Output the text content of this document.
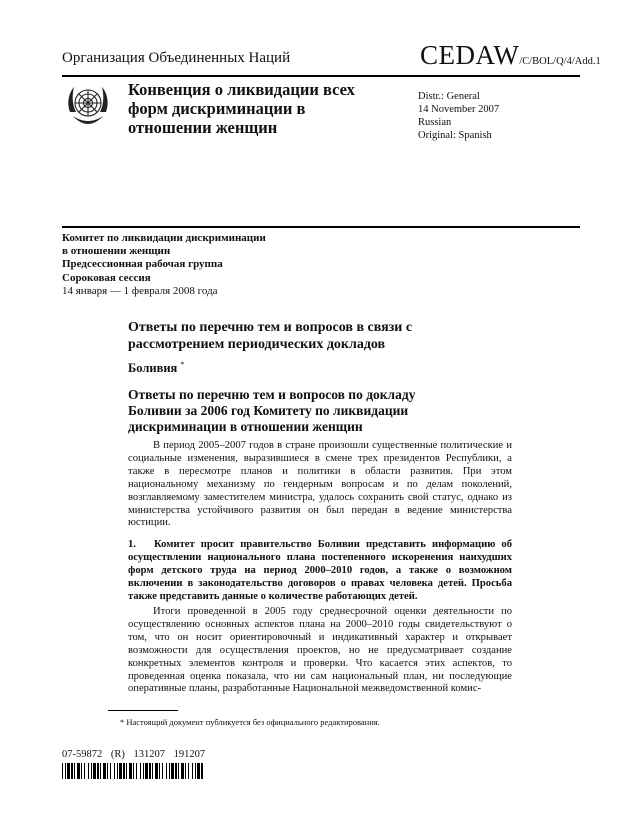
Организация Объединенных Наций	CEDAW/C/BOL/Q/4/Add.1
Конвенция о ликвидации всех форм дискриминации в отношении женщин
Distr.: General
14 November 2007
Russian
Original: Spanish
Комитет по ликвидации дискриминации
в отношении женщин
Предсессионная рабочая группа
Сороковая сессия
14 января — 1 февраля 2008 года
Ответы по перечню тем и вопросов в связи с рассмотрением периодических докладов
Боливия *
Ответы по перечню тем и вопросов по докладу Боливии за 2006 год Комитету по ликвидации дискриминации в отношении женщин
В период 2005–2007 годов в стране произошли существенные политические и социальные изменения, выразившиеся в смене трех президентов Республики, а также в пересмотре планов и политики в области развития. При этом национальному механизму по гендерным вопросам и по делам поколений, возглавляемому заместителем министра, удалось сохранить свой статус, однако из министерства устойчивого развития он был передан в ведение министерства юстиции.
1. Комитет просит правительство Боливии представить информацию об осуществлении национального плана постепенного искоренения наихудших форм детского труда на период 2000–2010 годов, а также о возможном включении в законодательство договоров о правах человека детей. Просьба также представить данные о количестве работающих детей.
Итоги проведенной в 2005 году среднесрочной оценки деятельности по осуществлению основных аспектов плана на 2000–2010 годы свидетельствуют о том, что он носит ориентировочный и индикативный характер и открывает возможности для осуществления проектов, но не предусматривает создание конкретных элементов контроля и проверки. Что касается этих аспектов, то проведенная оценка показала, что ни сам национальный план, ни последующие оперативные планы, разработанные Национальной межведомственной комис-
* Настоящий документ публикуется без официального редактирования.
07-59872 (R) 131207 191207
